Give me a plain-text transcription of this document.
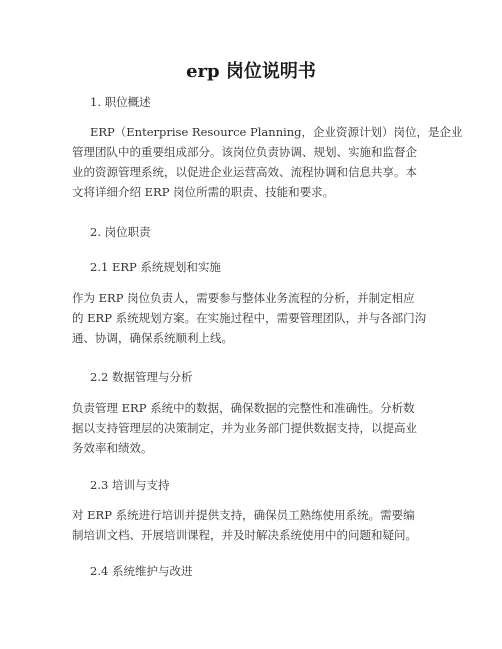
erp 岗位说明书
1. 职位概述
ERP（Enterprise Resource Planning，企业资源计划）岗位，是企业
管理团队中的重要组成部分。该岗位负责协调、规划、实施和监督企
业的资源管理系统，以促进企业运营高效、流程协调和信息共享。本
文将详细介绍 ERP 岗位所需的职责、技能和要求。
2. 岗位职责
2.1 ERP 系统规划和实施
作为 ERP 岗位负责人，需要参与整体业务流程的分析，并制定相应
的 ERP 系统规划方案。在实施过程中，需要管理团队，并与各部门沟
通、协调，确保系统顺利上线。
2.2 数据管理与分析
负责管理 ERP 系统中的数据，确保数据的完整性和准确性。分析数
据以支持管理层的决策制定，并为业务部门提供数据支持，以提高业
务效率和绩效。
2.3 培训与支持
对 ERP 系统进行培训并提供支持，确保员工熟练使用系统。需要编
制培训文档、开展培训课程，并及时解决系统使用中的问题和疑问。
2.4 系统维护与改进
